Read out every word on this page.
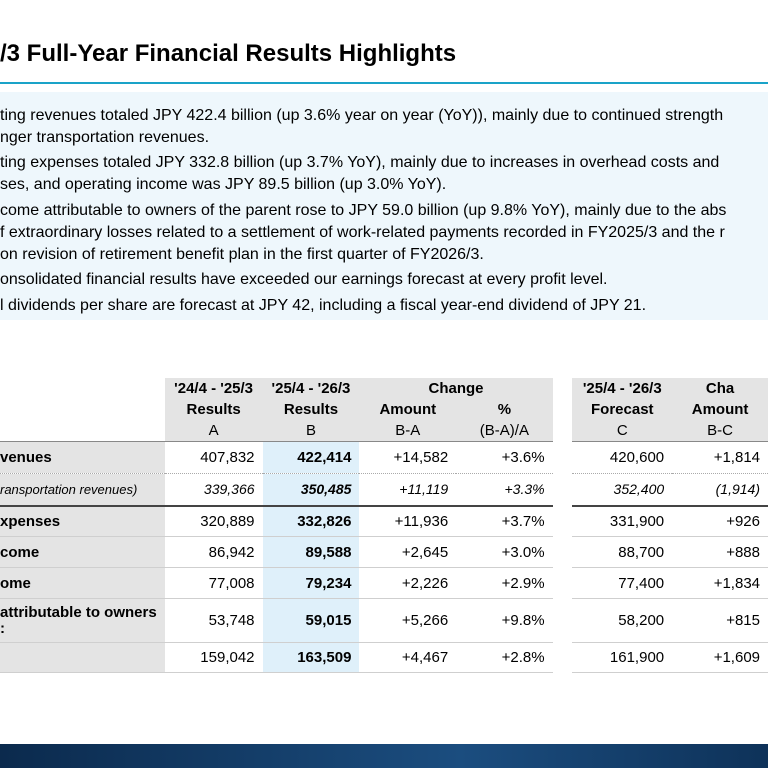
/3 Full-Year Financial Results Highlights
ting revenues totaled JPY 422.4 billion (up 3.6% year on year (YoY)), mainly due to continued strength
nger transportation revenues.
ting expenses totaled JPY 332.8 billion (up 3.7% YoY), mainly due to increases in overhead costs and
ses, and operating income was JPY 89.5 billion (up 3.0% YoY).
come attributable to owners of the parent rose to JPY 59.0 billion (up 9.8% YoY), mainly due to the abs
f extraordinary losses related to a settlement of work-related payments recorded in FY2025/3 and the r
on revision of retirement benefit plan in the first quarter of FY2026/3.
onsolidated financial results have exceeded our earnings forecast at every profit level.
l dividends per share are forecast at JPY 42, including a fiscal year-end dividend of JPY 21.
	'24/4 - '25/3	'25/4 - '26/3	Change			'25/4 - '26/3	Cha
	Results	Results	Amount	%		Forecast	Amount
	A	B	B-A	(B-A)/A		C	B-C
venues	407,832	422,414	+14,582	+3.6%		420,600	+1,814
ransportation revenues)	339,366	350,485	+11,119	+3.3%		352,400	(1,914)
xpenses	320,889	332,826	+11,936	+3.7%		331,900	+926
come	86,942	89,588	+2,645	+3.0%		88,700	+888
ome	77,008	79,234	+2,226	+2.9%		77,400	+1,834
attributable to owners
:	53,748	59,015	+5,266	+9.8%		58,200	+815
	159,042	163,509	+4,467	+2.8%		161,900	+1,609
